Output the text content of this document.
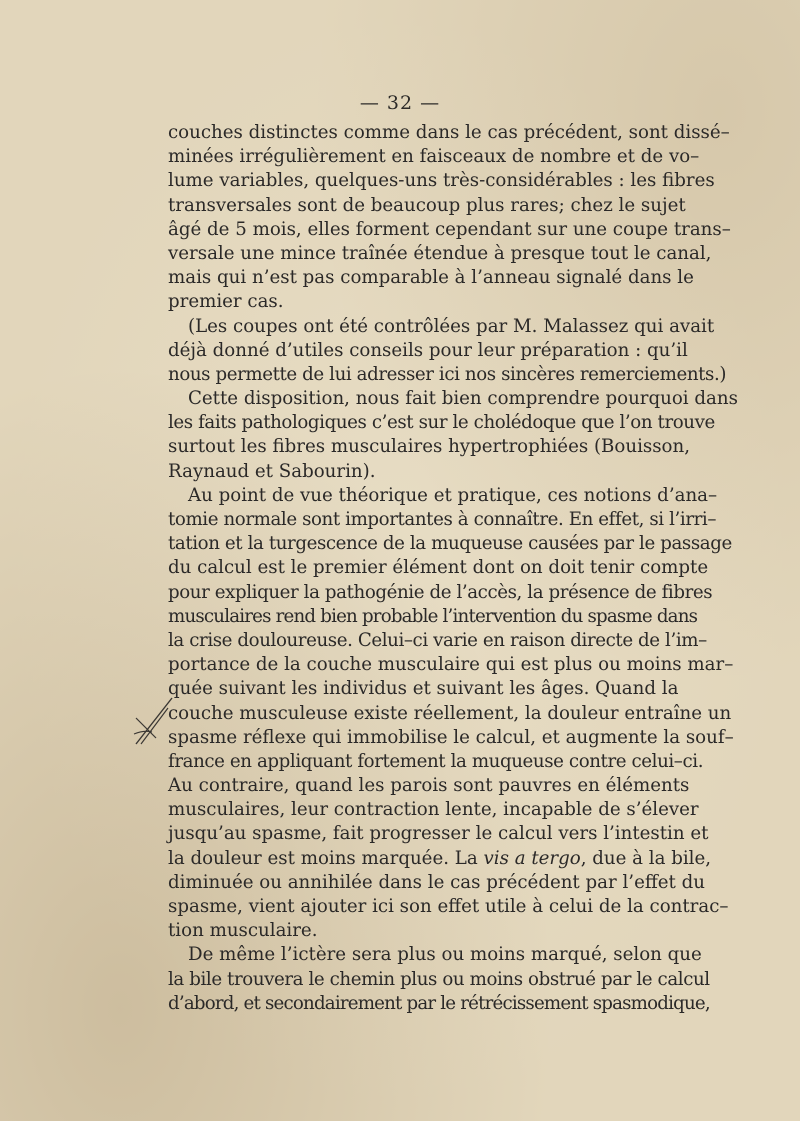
— 32 —
couches distinctes comme dans le cas précédent, sont dissé–
minées irrégulièrement en faisceaux de nombre et de vo–
lume variables, quelques-uns très-considérables : les fibres
transversales sont de beaucoup plus rares; chez le sujet
âgé de 5 mois, elles forment cependant sur une coupe trans–
versale une mince traînée étendue à presque tout le canal,
mais qui n’est pas comparable à l’anneau signalé dans le
premier cas.
(Les coupes ont été contrôlées par M. Malassez qui avait
déjà donné d’utiles conseils pour leur préparation : qu’il
nous permette de lui adresser ici nos sincères remerciements.)
Cette disposition, nous fait bien comprendre pourquoi dans
les faits pathologiques c’est sur le cholédoque que l’on trouve
surtout les fibres musculaires hypertrophiées (Bouisson,
Raynaud et Sabourin).
Au point de vue théorique et pratique, ces notions d’ana–
tomie normale sont importantes à connaître. En effet, si l’irri–
tation et la turgescence de la muqueuse causées par le passage
du calcul est le premier élément dont on doit tenir compte
pour expliquer la pathogénie de l’accès, la présence de fibres
musculaires rend bien probable l’intervention du spasme dans
la crise douloureuse. Celui–ci varie en raison directe de l’im–
portance de la couche musculaire qui est plus ou moins mar–
quée suivant les individus et suivant les âges. Quand la
couche musculeuse existe réellement, la douleur entraîne un
spasme réflexe qui immobilise le calcul, et augmente la souf–
france en appliquant fortement la muqueuse contre celui–ci.
Au contraire, quand les parois sont pauvres en éléments
musculaires, leur contraction lente, incapable de s’élever
jusqu’au spasme, fait progresser le calcul vers l’intestin et
la douleur est moins marquée. La vis a tergo, due à la bile,
diminuée ou annihilée dans le cas précédent par l’effet du
spasme, vient ajouter ici son effet utile à celui de la contrac–
tion musculaire.
De même l’ictère sera plus ou moins marqué, selon que
la bile trouvera le chemin plus ou moins obstrué par le calcul
d’abord, et secondairement par le rétrécissement spasmodique,
